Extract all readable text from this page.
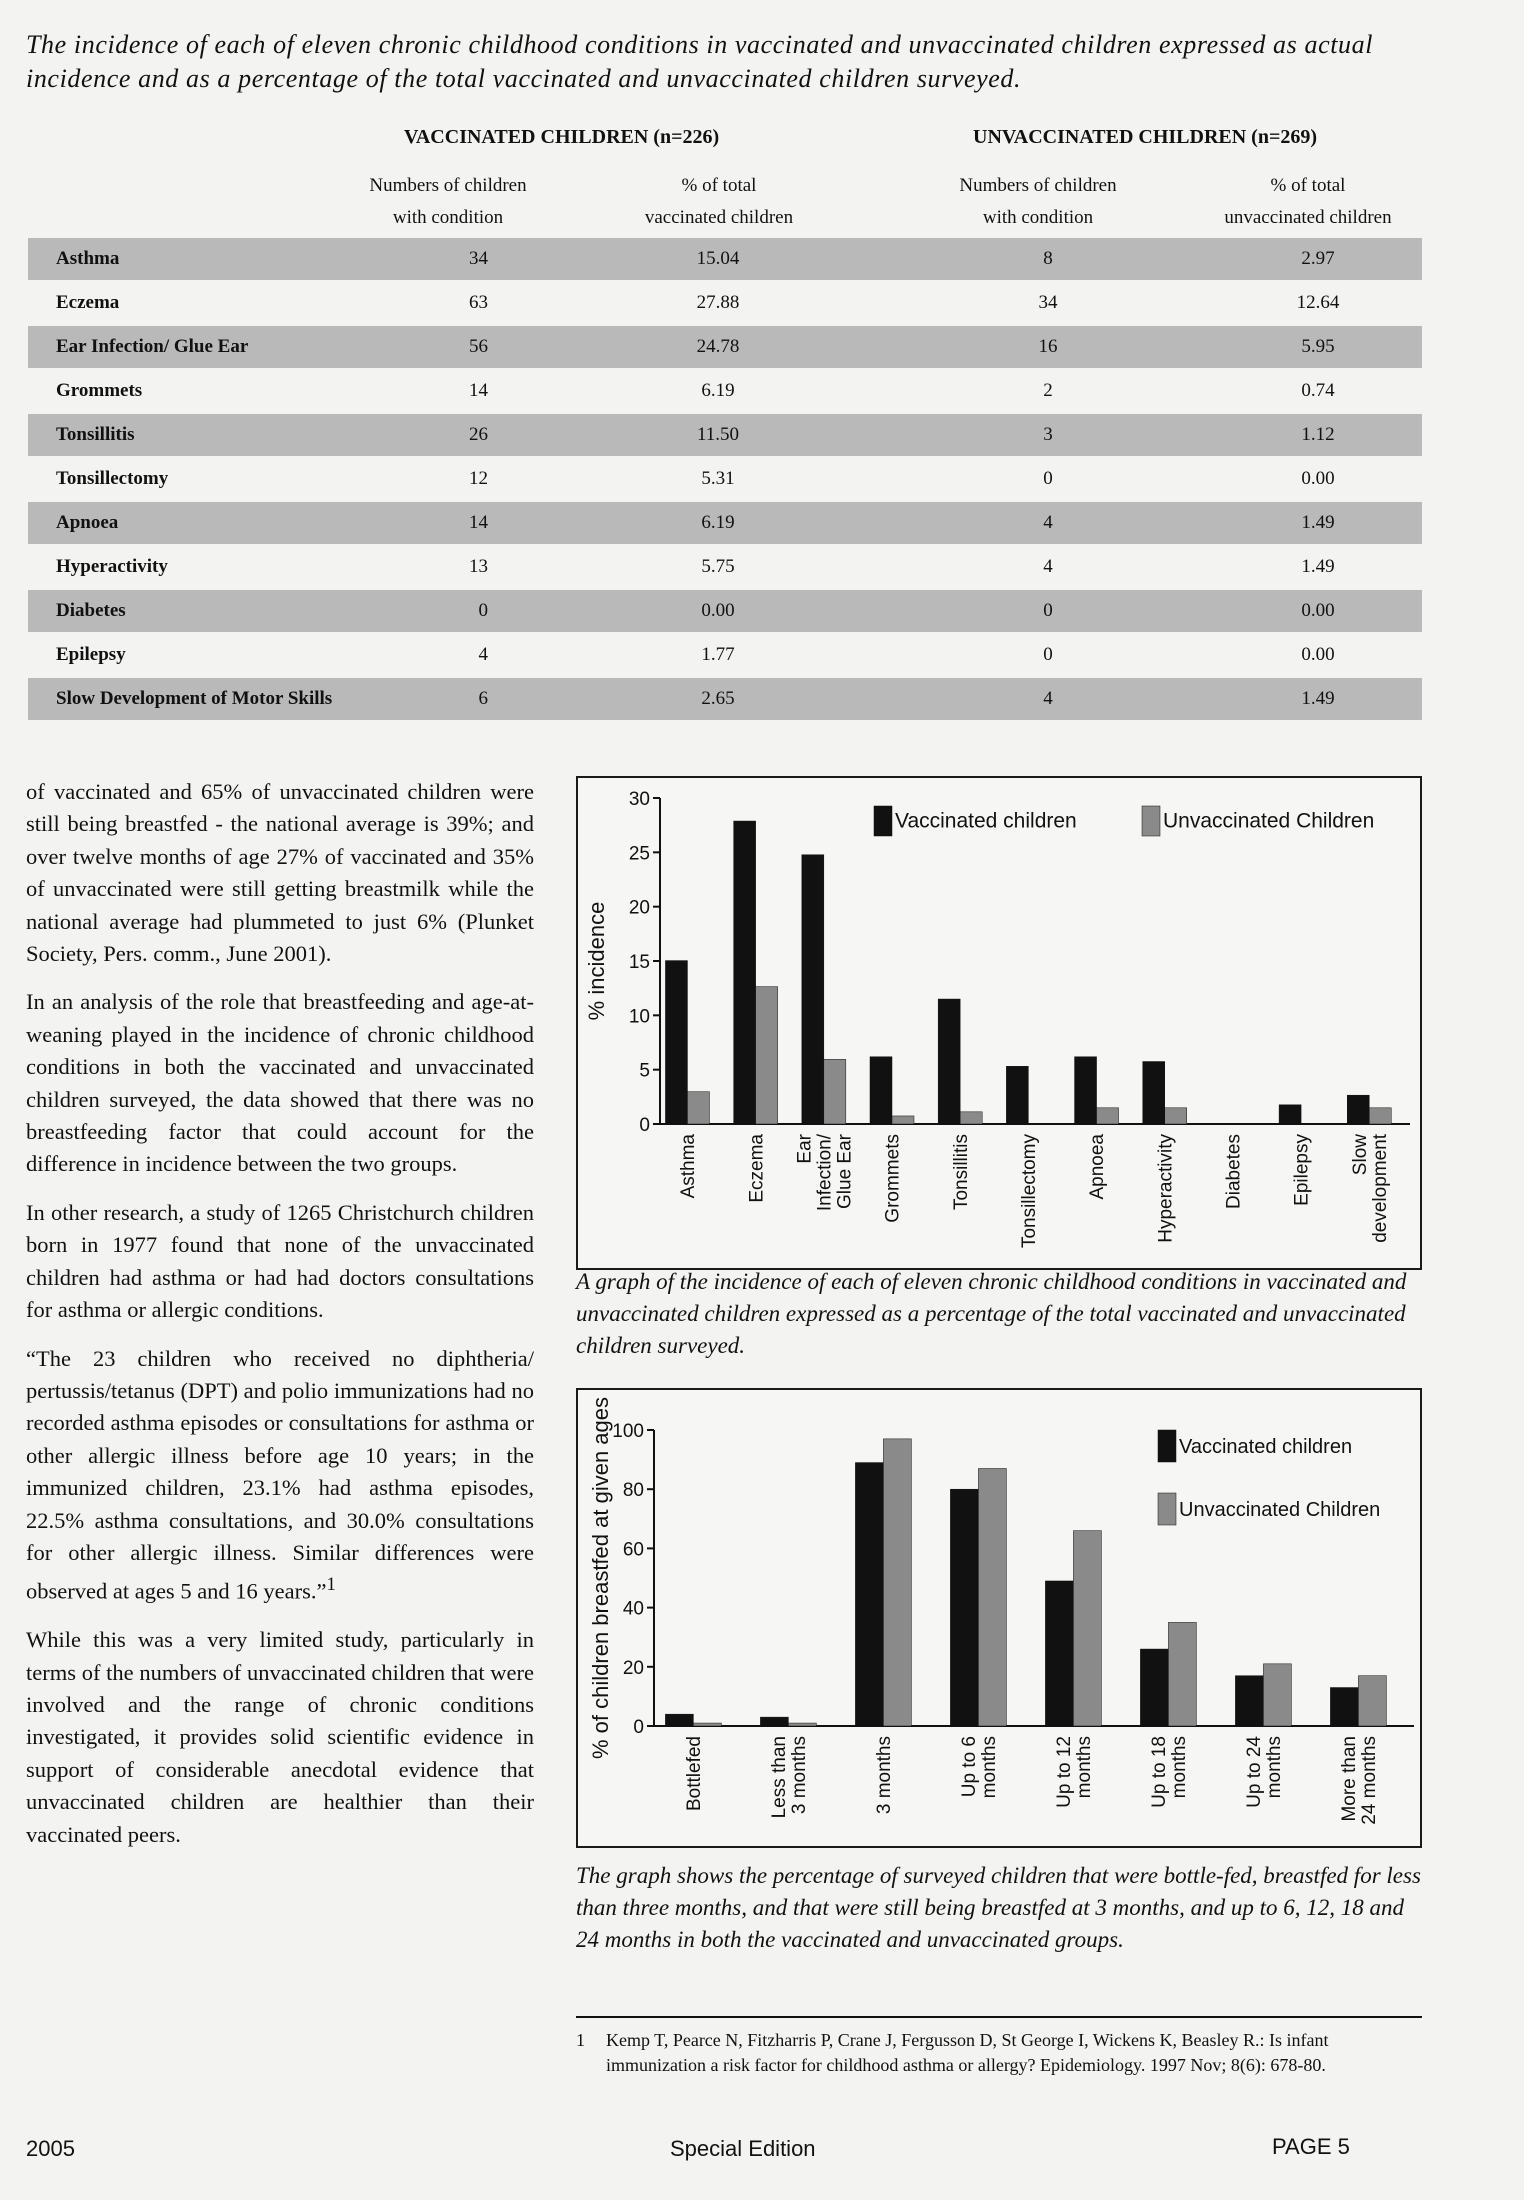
The incidence of each of eleven chronic childhood conditions in vaccinated and unvaccinated children expressed as actual incidence and as a percentage of the total vaccinated and unvaccinated children surveyed.
VACCINATED CHILDREN (n=226)	UNVACCINATED CHILDREN (n=269)
Numbers of children
with condition
% of total
vaccinated children
Numbers of children
with condition
% of total
unvaccinated children
Asthma	34	15.04	8	2.97
Eczema	63	27.88	34	12.64
Ear Infection/ Glue Ear	56	24.78	16	5.95
Grommets	14	6.19	2	0.74
Tonsillitis	26	11.50	3	1.12
Tonsillectomy	12	5.31	0	0.00
Apnoea	14	6.19	4	1.49
Hyperactivity	13	5.75	4	1.49
Diabetes	0	0.00	0	0.00
Epilepsy	4	1.77	0	0.00
Slow Development of Motor Skills	6	2.65	4	1.49

of vaccinated and 65% of unvaccinated children were still being breastfed - the national average is 39%; and over twelve months of age 27% of vaccinated and 35% of unvaccinated were still getting breastmilk while the national average had plummeted to just 6% (Plunket Society, Pers. comm., June 2001).

In an analysis of the role that breastfeeding and age-at-weaning played in the incidence of chronic childhood conditions in both the vaccinated and unvaccinated children surveyed, the data showed that there was no breastfeeding factor that could account for the difference in incidence between the two groups.

In other research, a study of 1265 Christchurch children born in 1977 found that none of the unvaccinated children had asthma or had had doctors consultations for asthma or allergic conditions.

“The 23 children who received no diphtheria/ pertussis/tetanus (DPT) and polio immunizations had no recorded asthma episodes or consultations for asthma or other allergic illness before age 10 years; in the immunized children, 23.1% had asthma episodes, 22.5% asthma consultations, and 30.0% consultations for other allergic illness. Similar differences were observed at ages 5 and 16 years.”$^1$

While this was a very limited study, particularly in terms of the numbers of unvaccinated children that were involved and the range of chronic conditions investigated, it provides solid scientific evidence in support of considerable anecdotal evidence that unvaccinated children are healthier than their vaccinated peers.

0
5
10
15
20
25
30
% incidence
Asthma Eczema EarInfection/Glue Ear Grommets Tonsillitis Tonsillectomy Apnoea Hyperactivity Diabetes Epilepsy Slowdevelopment
Vaccinated children	Unvaccinated Children
A graph of the incidence of each of eleven chronic childhood conditions in vaccinated and unvaccinated children expressed as a percentage of the total vaccinated and unvaccinated children surveyed.
0
20
40
60
80
100
% of children breastfed at given ages
Bottlefed	Less than3 months	3 months	Up to 6months	Up to 12months	Up to 18months	Up to 24months	More than24 months
Vaccinated children
Unvaccinated Children
The graph shows the percentage of surveyed children that were bottle-fed, breastfed for less than three months, and that were still being breastfed at 3 months, and up to 6, 12, 18 and 24 months in both the vaccinated and unvaccinated groups.
1 Kemp T, Pearce N, Fitzharris P, Crane J, Fergusson D, St George I, Wickens K, Beasley R.: Is infant immunization a risk factor for childhood asthma or allergy? Epidemiology. 1997 Nov; 8(6): 678-80.
2005	Special Edition	PAGE 5
